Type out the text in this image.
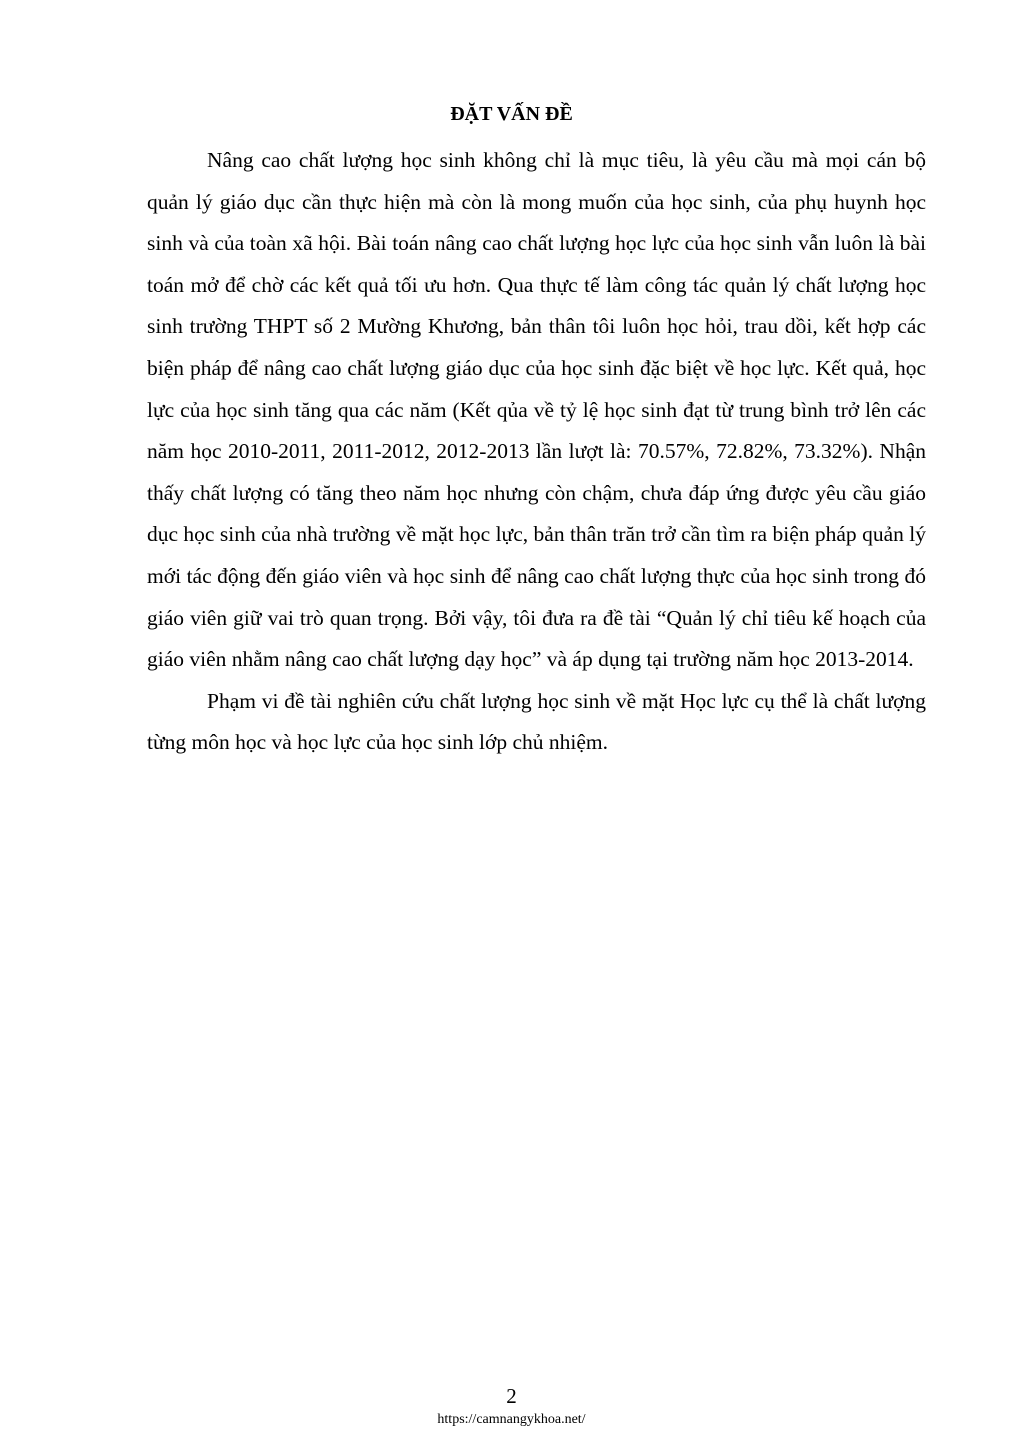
ĐẶT VẤN ĐỀ

Nâng cao chất lượng học sinh không chỉ là mục tiêu, là yêu cầu mà mọi cán bộ quản lý giáo dục cần thực hiện mà còn là mong muốn của học sinh, của phụ huynh học sinh và của toàn xã hội. Bài toán nâng cao chất lượng học lực của học sinh vẫn luôn là bài toán mở để chờ các kết quả tối ưu hơn. Qua thực tế làm công tác quản lý chất lượng học sinh trường THPT số 2 Mường Khương, bản thân tôi luôn học hỏi, trau dồi, kết hợp các biện pháp để nâng cao chất lượng giáo dục của học sinh đặc biệt về học lực. Kết quả, học lực của học sinh tăng qua các năm (Kết qủa về tỷ lệ học sinh đạt từ trung bình trở lên các năm học 2010-2011, 2011-2012, 2012-2013 lần lượt là: 70.57%, 72.82%, 73.32%). Nhận thấy chất lượng có tăng theo năm học nhưng còn chậm, chưa đáp ứng được yêu cầu giáo dục học sinh của nhà trường về mặt học lực, bản thân trăn trở cần tìm ra biện pháp quản lý mới tác động đến giáo viên và học sinh để nâng cao chất lượng thực của học sinh trong đó giáo viên giữ vai trò quan trọng. Bởi vậy, tôi đưa ra đề tài “Quản lý chỉ tiêu kế hoạch của giáo viên nhằm nâng cao chất lượng dạy học” và áp dụng tại trường năm học 2013-2014.

Phạm vi đề tài nghiên cứu chất lượng học sinh về mặt Học lực cụ thể là chất lượng từng môn học và học lực của học sinh lớp chủ nhiệm.

2
https://camnangykhoa.net/
